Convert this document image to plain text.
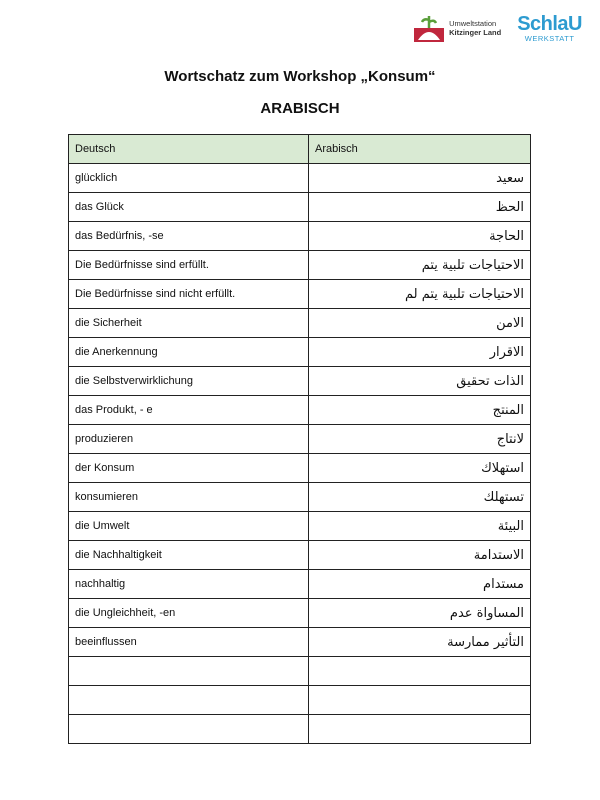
Umweltstation
Kitzinger Land SchlaU
WERKSTATT
Wortschatz zum Workshop „Konsum“
ARABISCH
Deutsch	Arabisch
glücklich	سعيد
das Glück	الحظ
das Bedürfnis, -se	الحاجة
Die Bedürfnisse sind erfüllt.	الاحتياجات تلبية يتم
Die Bedürfnisse sind nicht erfüllt.	الاحتياجات تلبية يتم لم
die Sicherheit	الامن
die Anerkennung	الاقرار
die Selbstverwirklichung	الذات تحقيق
das Produkt, - e	المنتج
produzieren	لانتاج
der Konsum	استهلاك
konsumieren	تستهلك
die Umwelt	البيئة
die Nachhaltigkeit	الاستدامة
nachhaltig	مستدام
die Ungleichheit, -en	المساواة عدم
beeinflussen	التأثير ممارسة
